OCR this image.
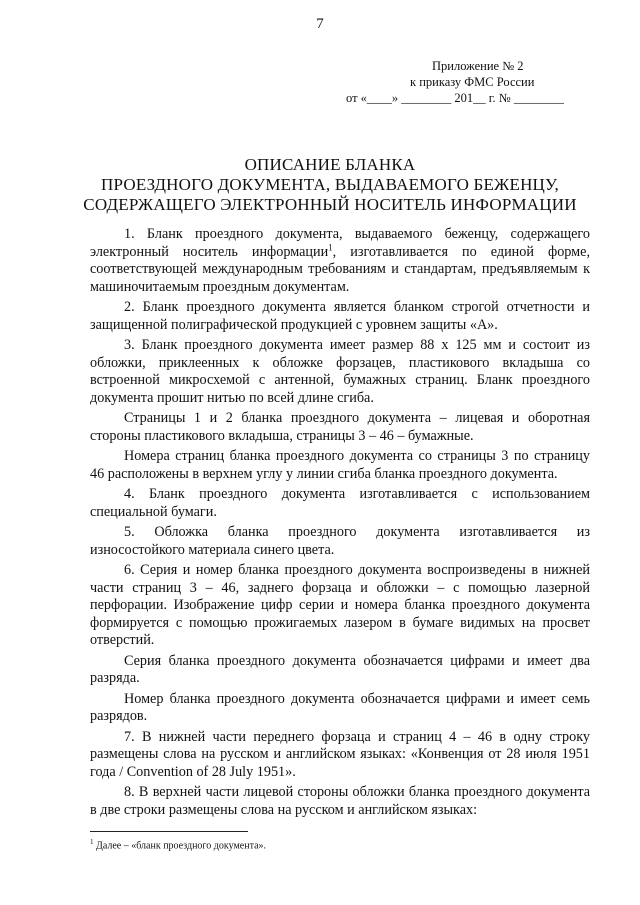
7
Приложение № 2
к приказу ФМС России
от «____» ________ 201__ г. № ________
ОПИСАНИЕ БЛАНКА
ПРОЕЗДНОГО ДОКУМЕНТА, ВЫДАВАЕМОГО БЕЖЕНЦУ,
СОДЕРЖАЩЕГО ЭЛЕКТРОННЫЙ НОСИТЕЛЬ ИНФОРМАЦИИ

1. Бланк проездного документа, выдаваемого беженцу, содержащего электронный носитель информации$^1$, изготавливается по единой форме, соответствующей международным требованиям и стандартам, предъявляемым к машиночитаемым проездным документам.

2. Бланк проездного документа является бланком строгой отчетности и защищенной полиграфической продукцией с уровнем защиты «А».

3. Бланк проездного документа имеет размер 88 х 125 мм и состоит из обложки, приклеенных к обложке форзацев, пластикового вкладыша со встроенной микросхемой с антенной, бумажных страниц. Бланк проездного документа прошит нитью по всей длине сгиба.

Страницы 1 и 2 бланка проездного документа – лицевая и оборотная стороны пластикового вкладыша, страницы 3 – 46 – бумажные.

Номера страниц бланка проездного документа со страницы 3 по страницу 46 расположены в верхнем углу у линии сгиба бланка проездного документа.

4. Бланк проездного документа изготавливается с использованием специальной бумаги.

5. Обложка бланка проездного документа изготавливается из износостойкого материала синего цвета.

6. Серия и номер бланка проездного документа воспроизведены в нижней части страниц 3 – 46, заднего форзаца и обложки – с помощью лазерной перфорации. Изображение цифр серии и номера бланка проездного документа формируется с помощью прожигаемых лазером в бумаге видимых на просвет отверстий.

Серия бланка проездного документа обозначается цифрами и имеет два разряда.

Номер бланка проездного документа обозначается цифрами и имеет семь разрядов.

7. В нижней части переднего форзаца и страниц 4 – 46 в одну строку размещены слова на русском и английском языках: «Конвенция от 28 июля 1951 года / Convention of 28 July 1951».

8. В верхней части лицевой стороны обложки бланка проездного документа в две строки размещены слова на русском и английском языках:

$^1$ Далее – «бланк проездного документа».
